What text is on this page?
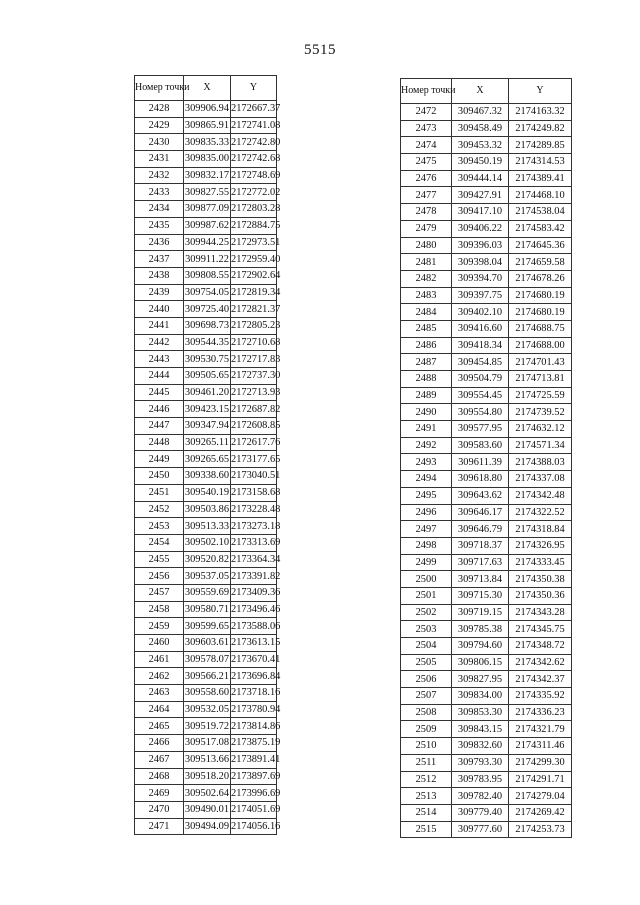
5515
Номер точки	X	Y
2428	309906.94	2172667.37
2429	309865.91	2172741.08
2430	309835.33	2172742.80
2431	309835.00	2172742.68
2432	309832.17	2172748.69
2433	309827.55	2172772.02
2434	309877.09	2172803.28
2435	309987.62	2172884.75
2436	309944.25	2172973.51
2437	309911.22	2172959.40
2438	309808.55	2172902.64
2439	309754.05	2172819.34
2440	309725.40	2172821.37
2441	309698.73	2172805.23
2442	309544.35	2172710.68
2443	309530.75	2172717.83
2444	309505.65	2172737.30
2445	309461.20	2172713.93
2446	309423.15	2172687.82
2447	309347.94	2172608.85
2448	309265.11	2172617.76
2449	309265.65	2173177.65
2450	309338.60	2173040.51
2451	309540.19	2173158.68
2452	309503.86	2173228.48
2453	309513.33	2173273.18
2454	309502.10	2173313.69
2455	309520.82	2173364.34
2456	309537.05	2173391.82
2457	309559.69	2173409.36
2458	309580.71	2173496.46
2459	309599.65	2173588.06
2460	309603.61	2173613.15
2461	309578.07	2173670.41
2462	309566.21	2173696.84
2463	309558.60	2173718.16
2464	309532.05	2173780.94
2465	309519.72	2173814.86
2466	309517.08	2173875.19
2467	309513.66	2173891.41
2468	309518.20	2173897.69
2469	309502.64	2173996.69
2470	309490.01	2174051.69
2471	309494.09	2174056.16
Номер точки	X	Y
2472	309467.32	2174163.32
2473	309458.49	2174249.82
2474	309453.32	2174289.85
2475	309450.19	2174314.53
2476	309444.14	2174389.41
2477	309427.91	2174468.10
2478	309417.10	2174538.04
2479	309406.22	2174583.42
2480	309396.03	2174645.36
2481	309398.04	2174659.58
2482	309394.70	2174678.26
2483	309397.75	2174680.19
2484	309402.10	2174680.19
2485	309416.60	2174688.75
2486	309418.34	2174688.00
2487	309454.85	2174701.43
2488	309504.79	2174713.81
2489	309554.45	2174725.59
2490	309554.80	2174739.52
2491	309577.95	2174632.12
2492	309583.60	2174571.34
2493	309611.39	2174388.03
2494	309618.80	2174337.08
2495	309643.62	2174342.48
2496	309646.17	2174322.52
2497	309646.79	2174318.84
2498	309718.37	2174326.95
2499	309717.63	2174333.45
2500	309713.84	2174350.38
2501	309715.30	2174350.36
2502	309719.15	2174343.28
2503	309785.38	2174345.75
2504	309794.60	2174348.72
2505	309806.15	2174342.62
2506	309827.95	2174342.37
2507	309834.00	2174335.92
2508	309853.30	2174336.23
2509	309843.15	2174321.79
2510	309832.60	2174311.46
2511	309793.30	2174299.30
2512	309783.95	2174291.71
2513	309782.40	2174279.04
2514	309779.40	2174269.42
2515	309777.60	2174253.73
